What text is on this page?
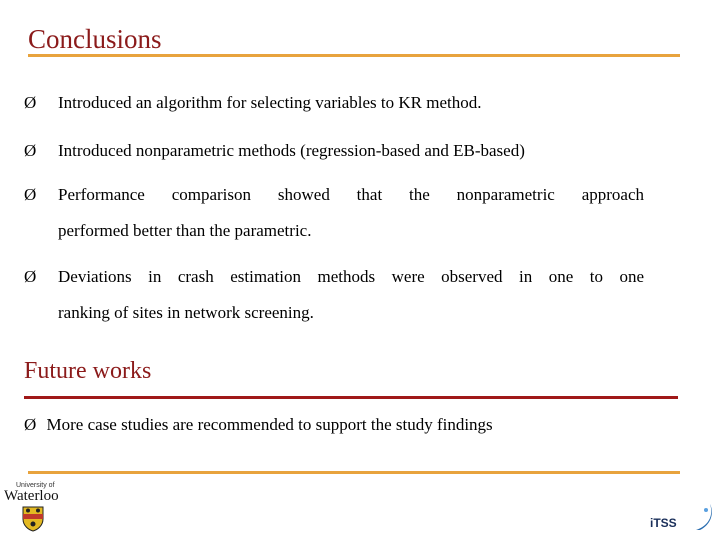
Conclusions
Ø Introduced an algorithm for selecting variables to KR method.
Ø Introduced nonparametric methods (regression-based and EB-based)
Ø Performance comparison showed that the nonparametric approach
performed better than the parametric.
Ø Deviations in crash estimation methods were observed in one to one
ranking of sites in network screening.
Future works
Ø More case studies are recommended to support the study findings
University of
Waterloo
iTSS
